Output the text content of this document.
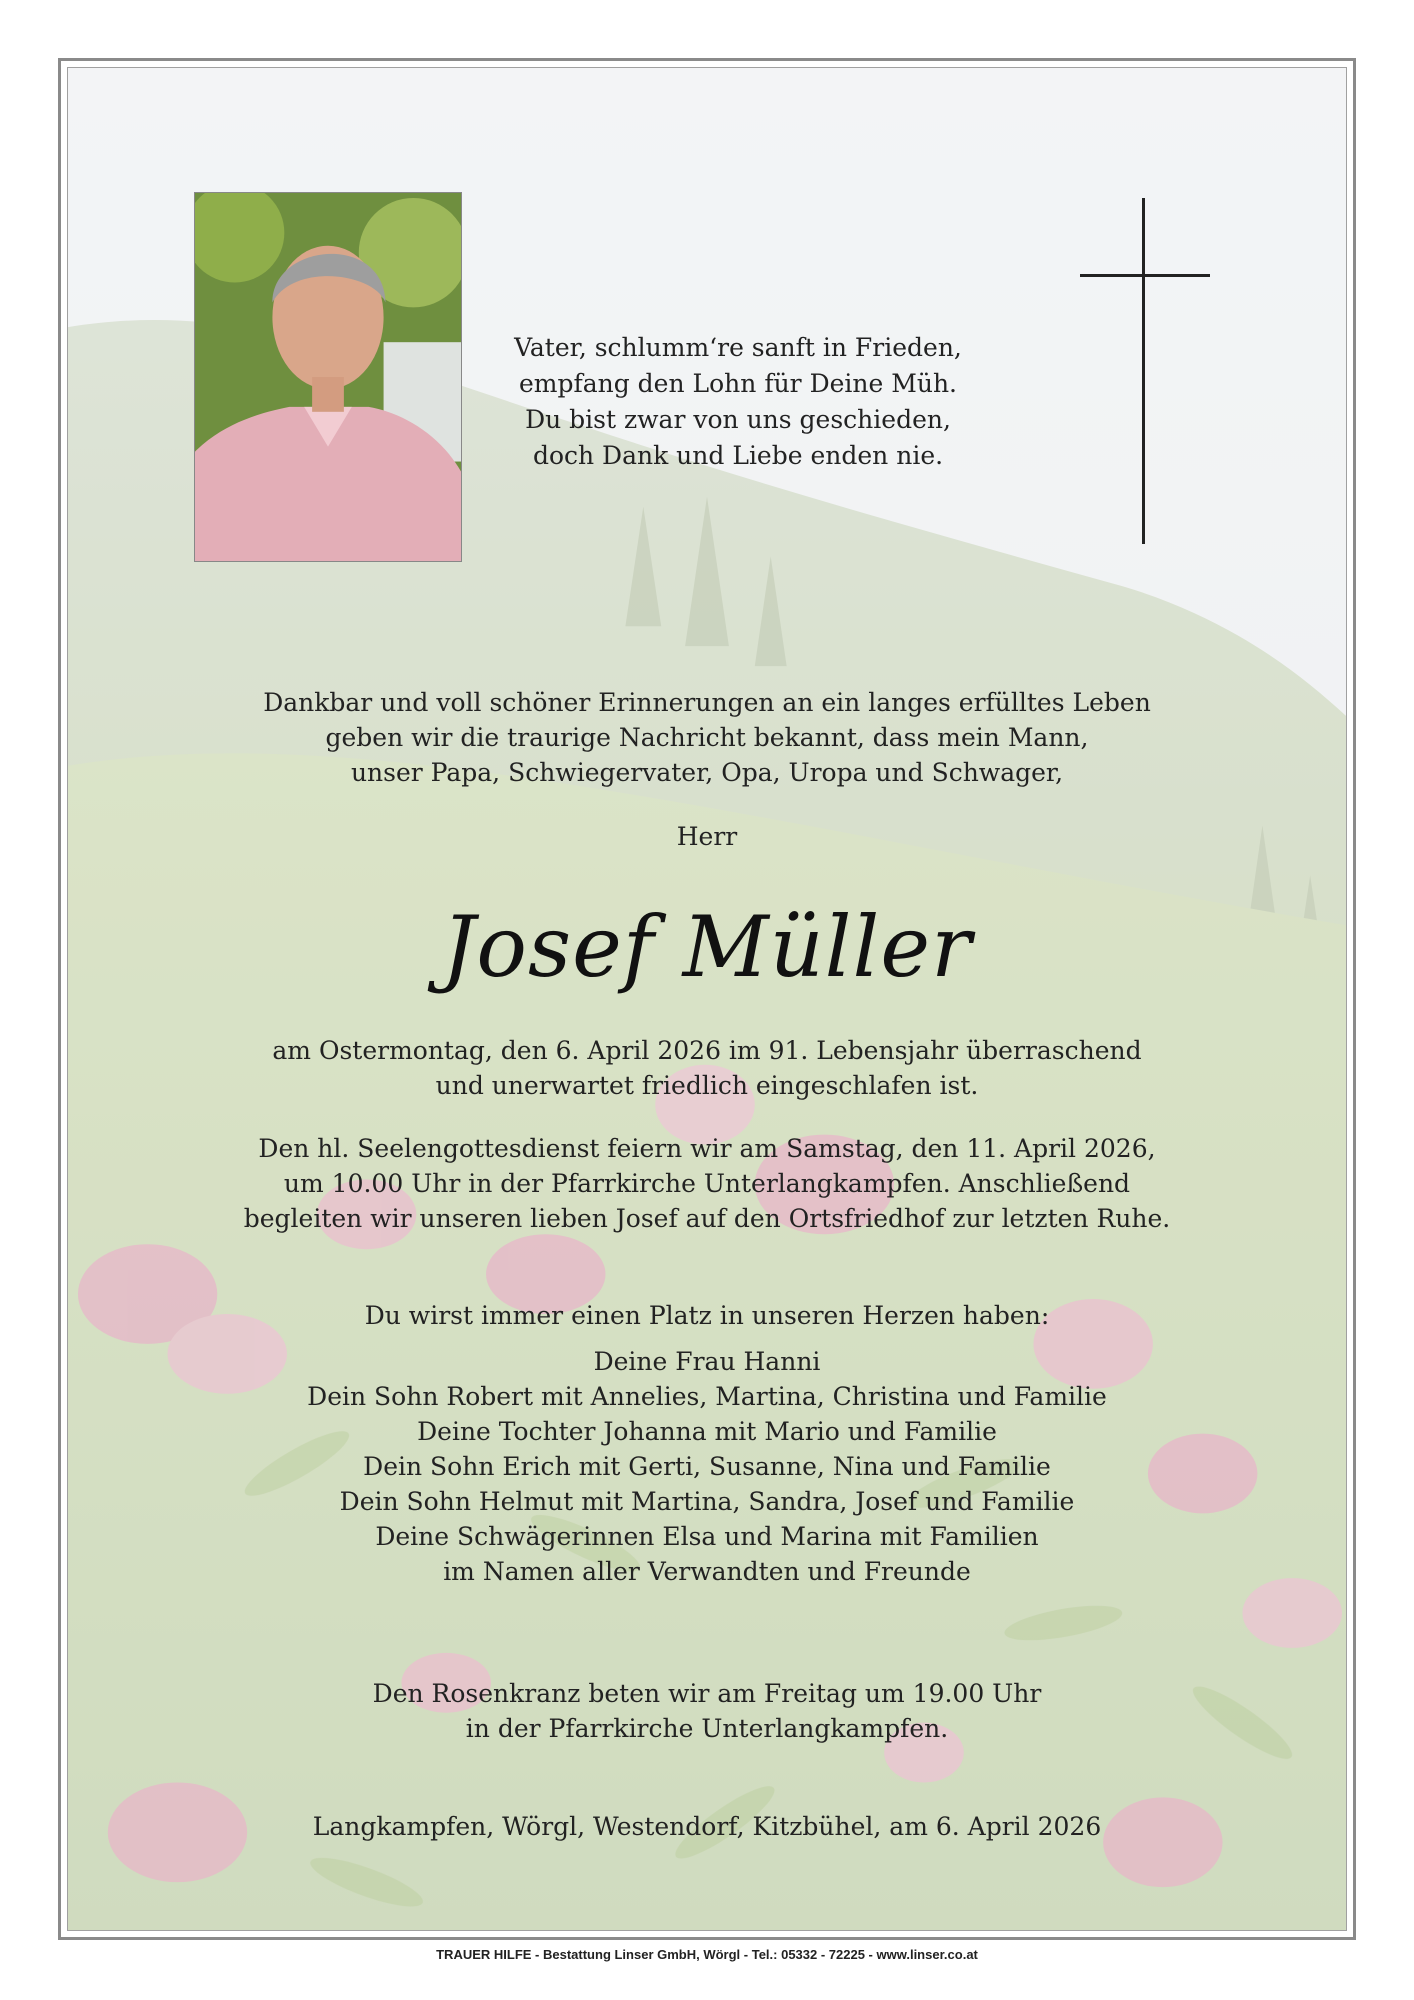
Vater, schlumm‘re sanft in Frieden,
empfang den Lohn für Deine Müh.
Du bist zwar von uns geschieden,
doch Dank und Liebe enden nie.
Dankbar und voll schöner Erinnerungen an ein langes erfülltes Leben
geben wir die traurige Nachricht bekannt, dass mein Mann,
unser Papa, Schwiegervater, Opa, Uropa und Schwager,
Herr
Josef Müller
am Ostermontag, den 6. April 2026 im 91. Lebensjahr überraschend
und unerwartet friedlich eingeschlafen ist.
Den hl. Seelengottesdienst feiern wir am Samstag, den 11. April 2026,
um 10.00 Uhr in der Pfarrkirche Unterlangkampfen. Anschließend
begleiten wir unseren lieben Josef auf den Ortsfriedhof zur letzten Ruhe.
Du wirst immer einen Platz in unseren Herzen haben:
Deine Frau Hanni
Dein Sohn Robert mit Annelies, Martina, Christina und Familie
Deine Tochter Johanna mit Mario und Familie
Dein Sohn Erich mit Gerti, Susanne, Nina und Familie
Dein Sohn Helmut mit Martina, Sandra, Josef und Familie
Deine Schwägerinnen Elsa und Marina mit Familien
im Namen aller Verwandten und Freunde
Den Rosenkranz beten wir am Freitag um 19.00 Uhr
in der Pfarrkirche Unterlangkampfen.
Langkampfen, Wörgl, Westendorf, Kitzbühel, am 6. April 2026
TRAUER HILFE - Bestattung Linser GmbH, Wörgl - Tel.: 05332 - 72225 - www.linser.co.at
